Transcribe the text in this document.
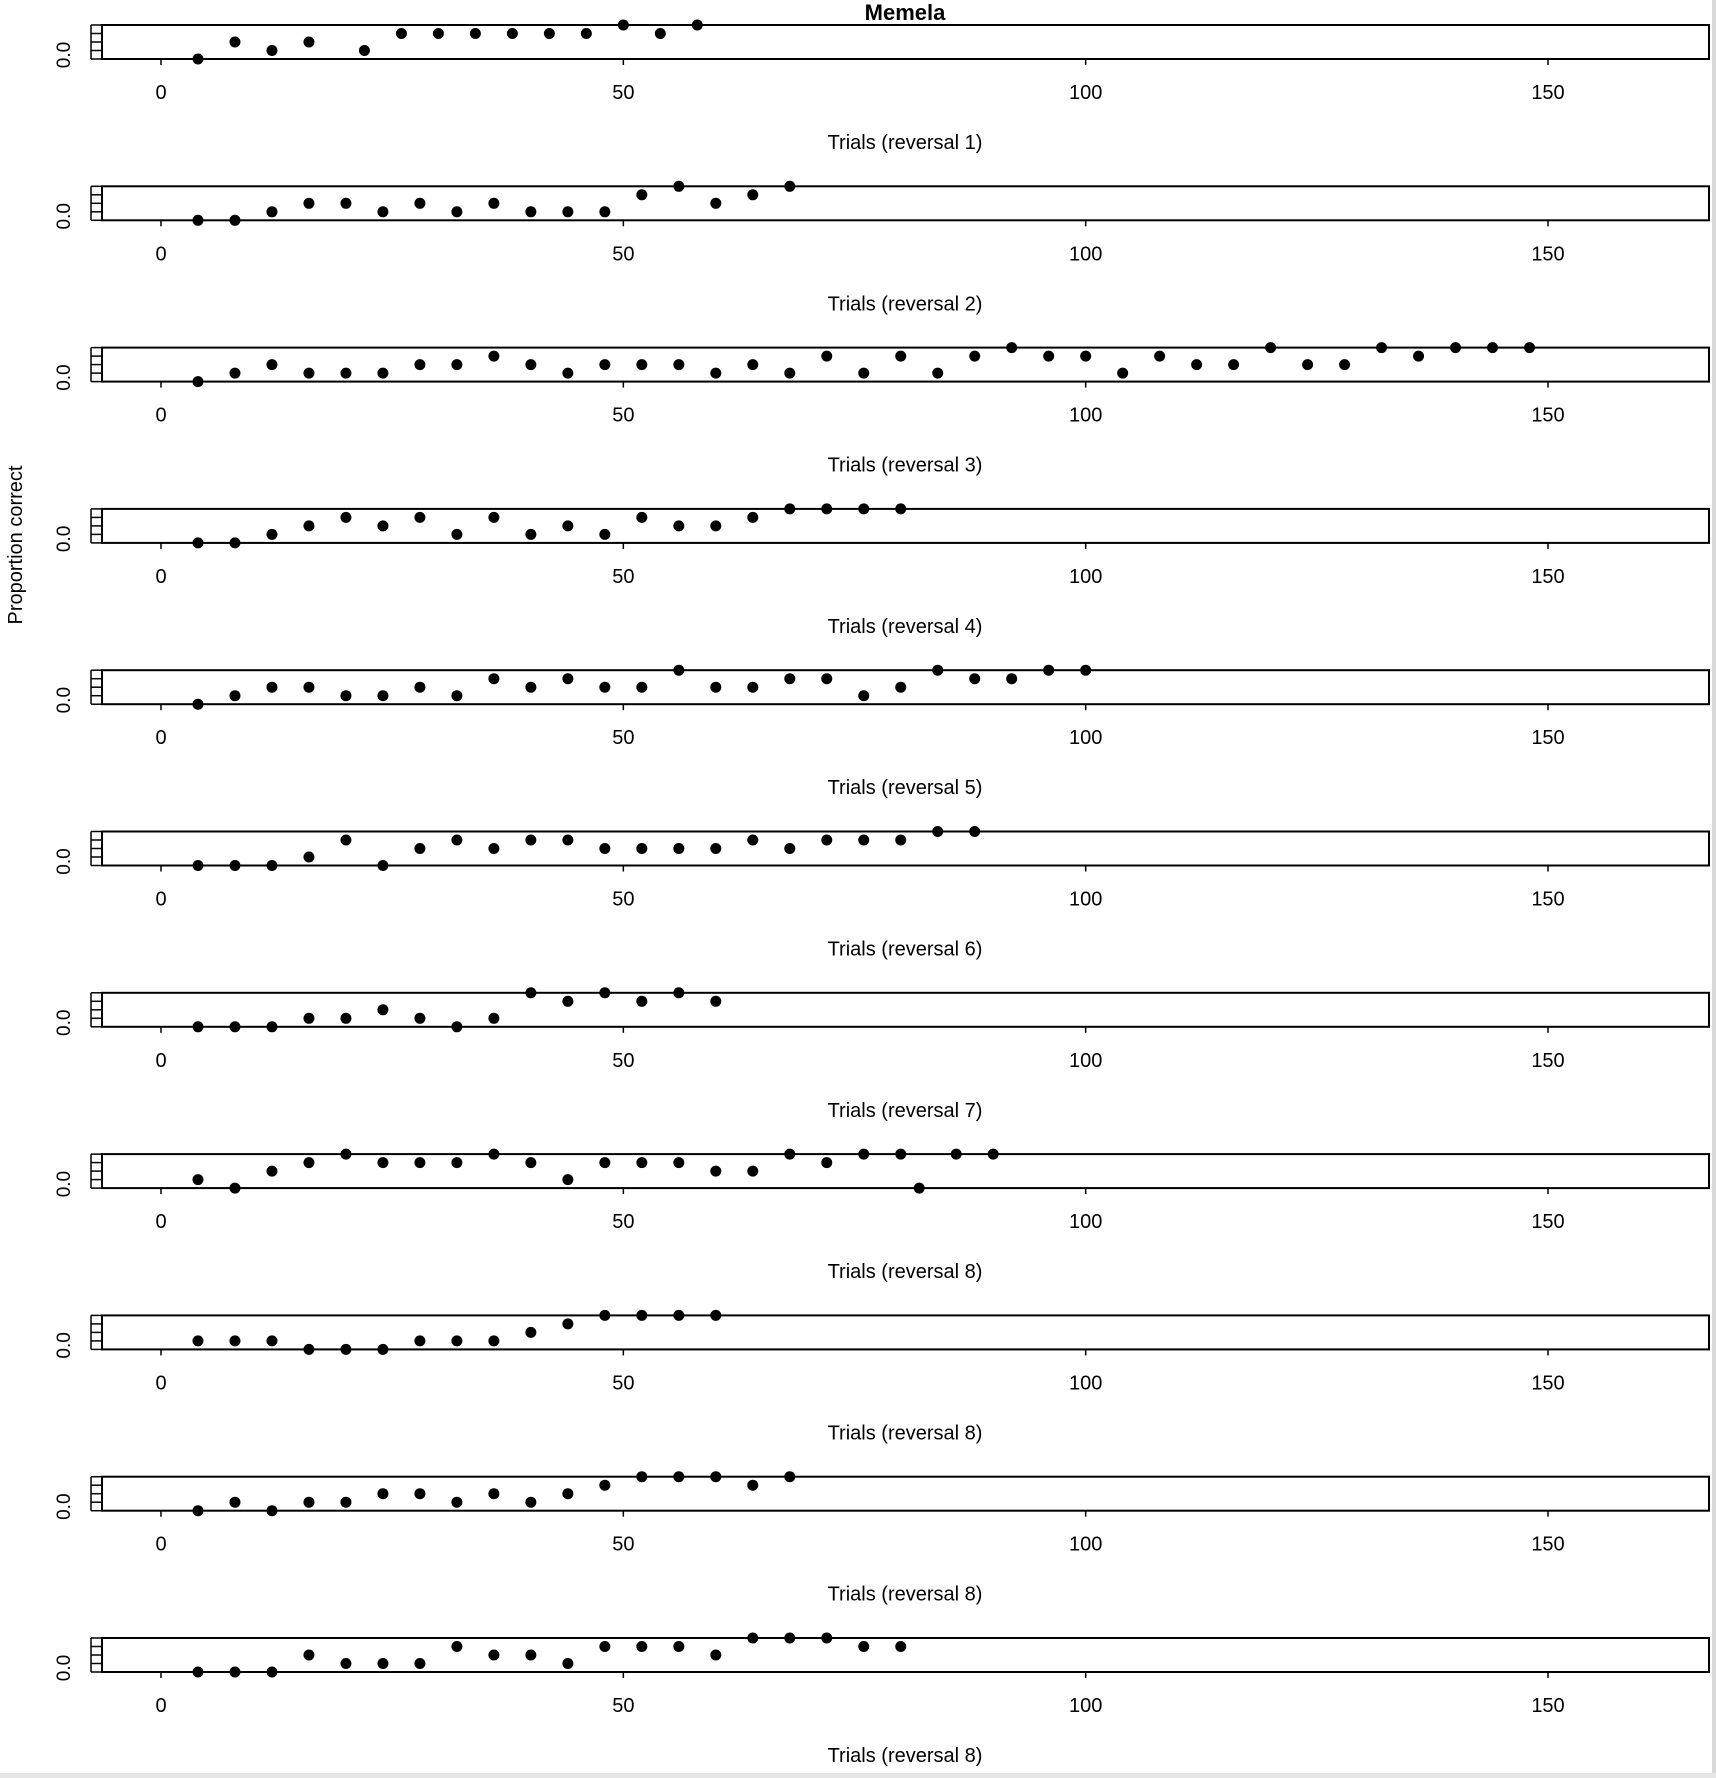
Memela
Proportion correct
0.0
0	50	100	150
Trials (reversal 1)
0.0
0	50	100	150
Trials (reversal 2)
0.0
0	50	100	150
Trials (reversal 3)
0.0
0	50	100	150
Trials (reversal 4)
0.0
0	50	100	150
Trials (reversal 5)
0.0
0	50	100	150
Trials (reversal 6)
0.0
0	50	100	150
Trials (reversal 7)
0.0
0	50	100	150
Trials (reversal 8)
0.0
0	50	100	150
Trials (reversal 8)
0.0
0	50	100	150
Trials (reversal 8)
0.0
0	50	100	150
Trials (reversal 8)
